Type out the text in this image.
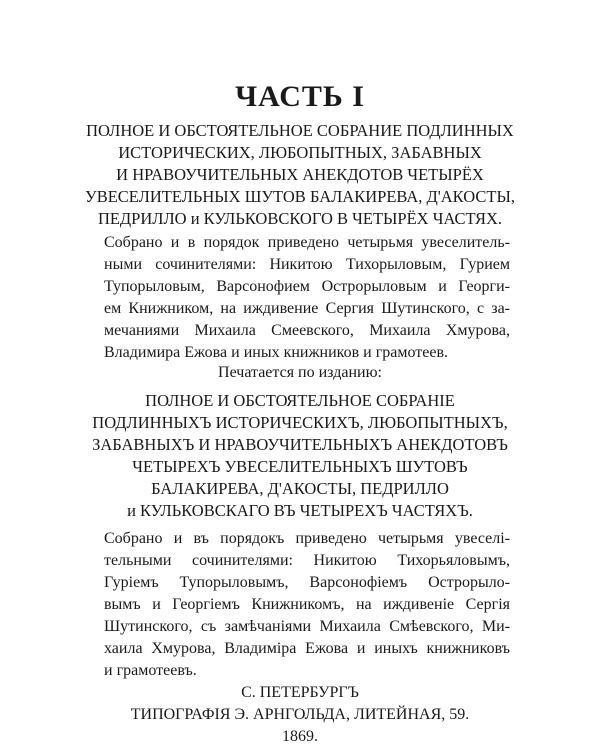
ЧАСТЬ I
ПОЛНОЕ И ОБСТОЯТЕЛЬНОЕ СОБРАНИЕ ПОДЛИННЫХ
ИСТОРИЧЕСКИХ, ЛЮБОПЫТНЫХ, ЗАБАВНЫХ
И НРАВОУЧИТЕЛЬНЫХ АНЕКДОТОВ ЧЕТЫРЁХ
УВЕСЕЛИТЕЛЬНЫХ ШУТОВ БАЛАКИРЕВА, Д'АКОСТЫ,
ПЕДРИЛЛО и КУЛЬКОВСКОГО В ЧЕТЫРЁХ ЧАСТЯХ.
Собрано и в порядок приведено четырьмя увеселитель-
ными сочинителями: Никитою Тихорыловым, Гурием
Тупорыловым, Варсонофием Острорыловым и Георги-
ем Книжником, на иждивение Сергия Шутинского, с за-
мечаниями Михаила Смеевского, Михаила Хмурова,
Владимира Ежова и иных книжников и грамотеев.
Печатается по изданию:
ПОЛНОЕ И ОБСТОЯТЕЛЬНОЕ СОБРАНІЕ
ПОДЛИННЫХЪ ИСТОРИЧЕСКИХЪ, ЛЮБОПЫТНЫХЪ,
ЗАБАВНЫХЪ И НРАВОУЧИТЕЛЬНЫХЪ АНЕКДОТОВЪ
ЧЕТЫРЕХЪ УВЕСЕЛИТЕЛЬНЫХЪ ШУТОВЪ
БАЛАКИРЕВА, Д'АКОСТЫ, ПЕДРИЛЛО
и КУЛЬКОВСКАГО ВЪ ЧЕТЫРЕХЪ ЧАСТЯХЪ.
Собрано и въ порядокъ приведено четырьмя увеселі-
тельными сочинителями: Никитою Тихорьяловымъ,
Гурiемъ Тупорыловымъ, Варсонофiемъ Острорыло-
вымъ и Георгiемъ Книжникомъ, на иждивенiе Сергiя
Шутинского, съ замѣчанiями Михаила Смѣевского, Ми-
хаила Хмурова, Владимiра Ежова и иныхъ книжниковъ
и грамотеевъ.
С. ПЕТЕРБУРГЪ
ТИПОГРАФІЯ Э. АРНГОЛЬДА, ЛИТЕЙНАЯ, 59.
1869.
